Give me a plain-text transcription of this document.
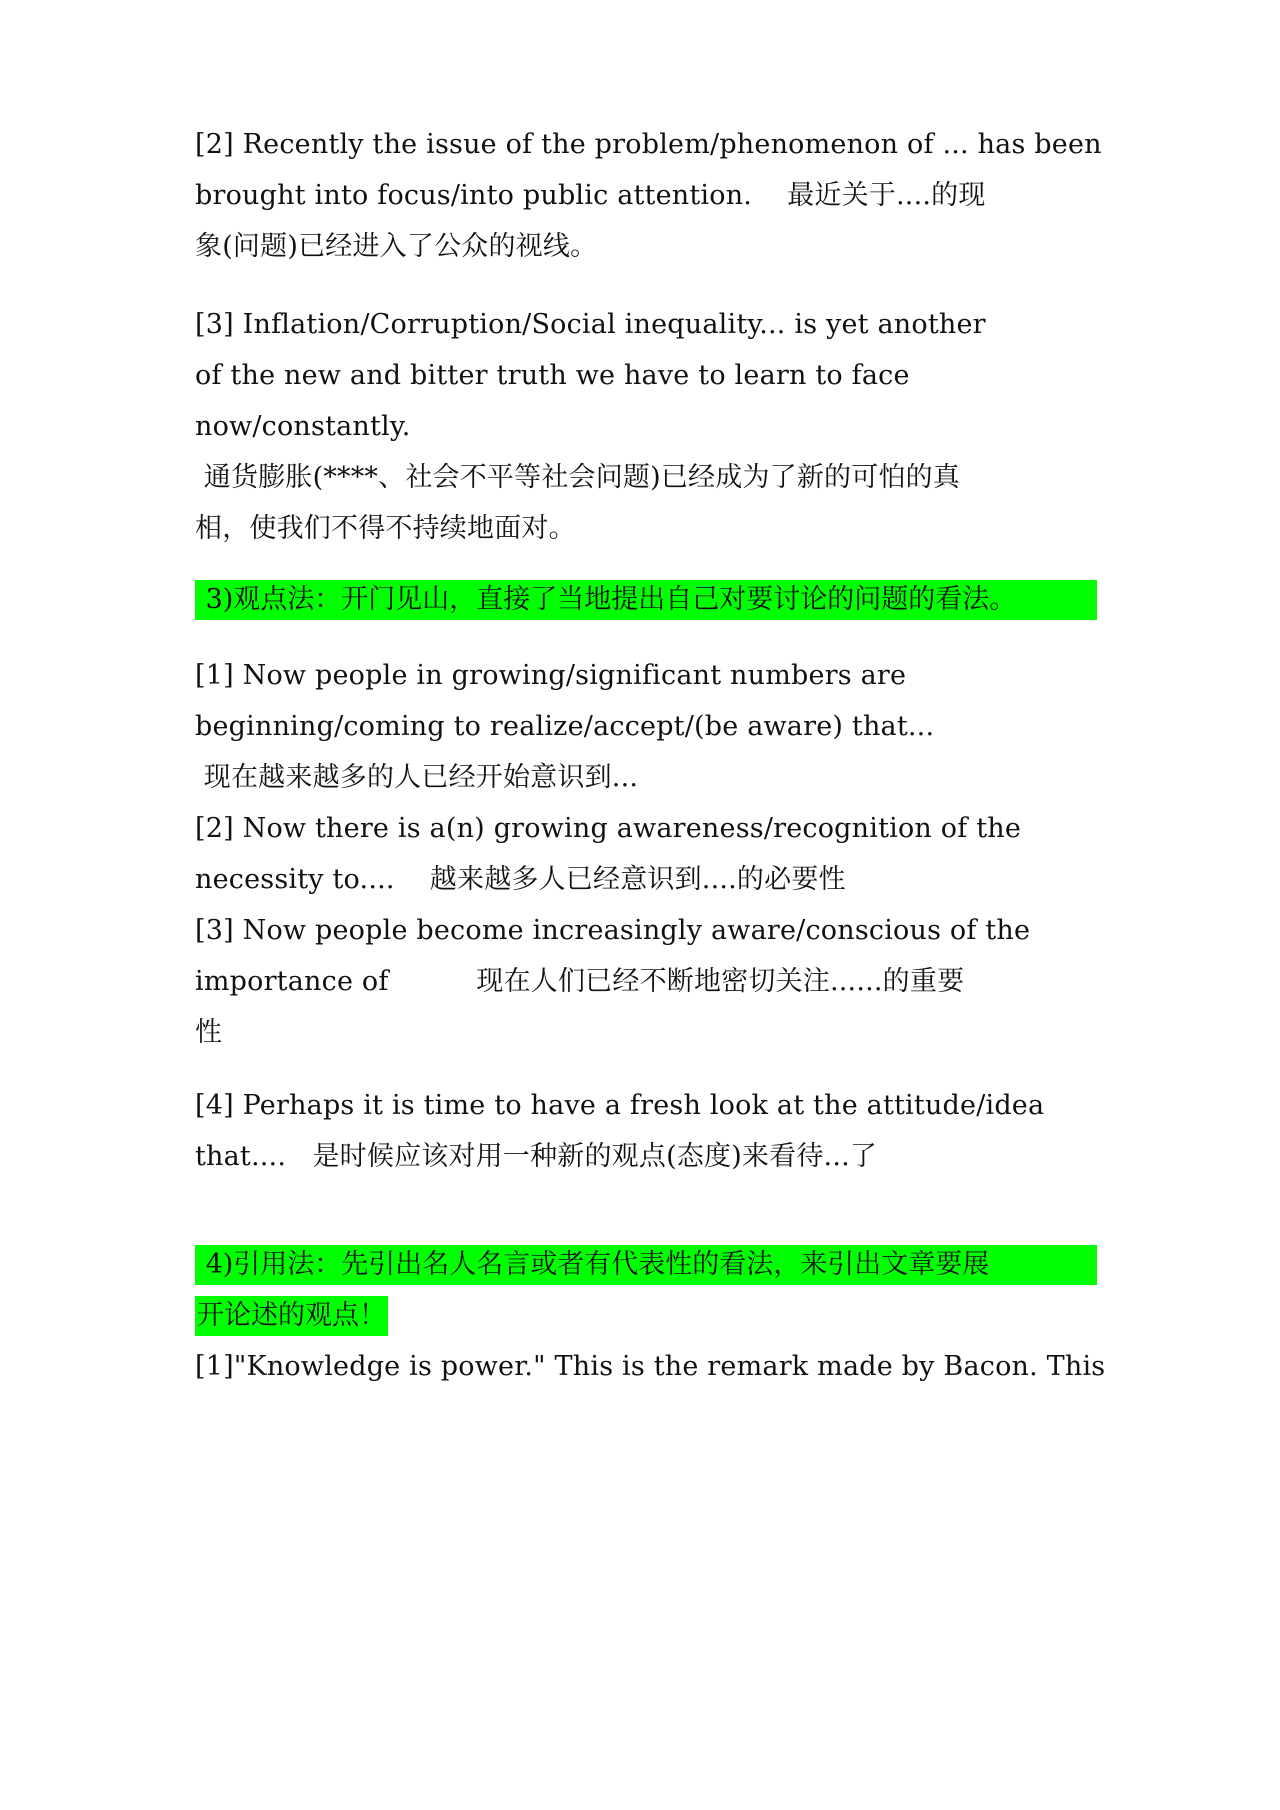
[2] Recently the issue of the problem/phenomenon of ... has been
brought into focus/into public attention.    最近关于....的现
象(问题)已经进入了公众的视线。
[3] Inflation/Corruption/Social inequality... is yet another
of the new and bitter truth we have to learn to face
now/constantly.
通货膨胀(****、社会不平等社会问题)已经成为了新的可怕的真
相，使我们不得不持续地面对。
3)观点法：开门见山，直接了当地提出自己对要讨论的问题的看法。
[1] Now people in growing/significant numbers are
beginning/coming to realize/accept/(be aware) that...
现在越来越多的人已经开始意识到...
[2] Now there is a(n) growing awareness/recognition of the
necessity to....    越来越多人已经意识到....的必要性
[3] Now people become increasingly aware/conscious of the
importance of          现在人们已经不断地密切关注......的重要
性
[4] Perhaps it is time to have a fresh look at the attitude/idea
that....   是时候应该对用一种新的观点(态度)来看待...了
4)引用法：先引出名人名言或者有代表性的看法，来引出文章要展
开论述的观点！
[1]"Knowledge is power." This is the remark made by Bacon. This
